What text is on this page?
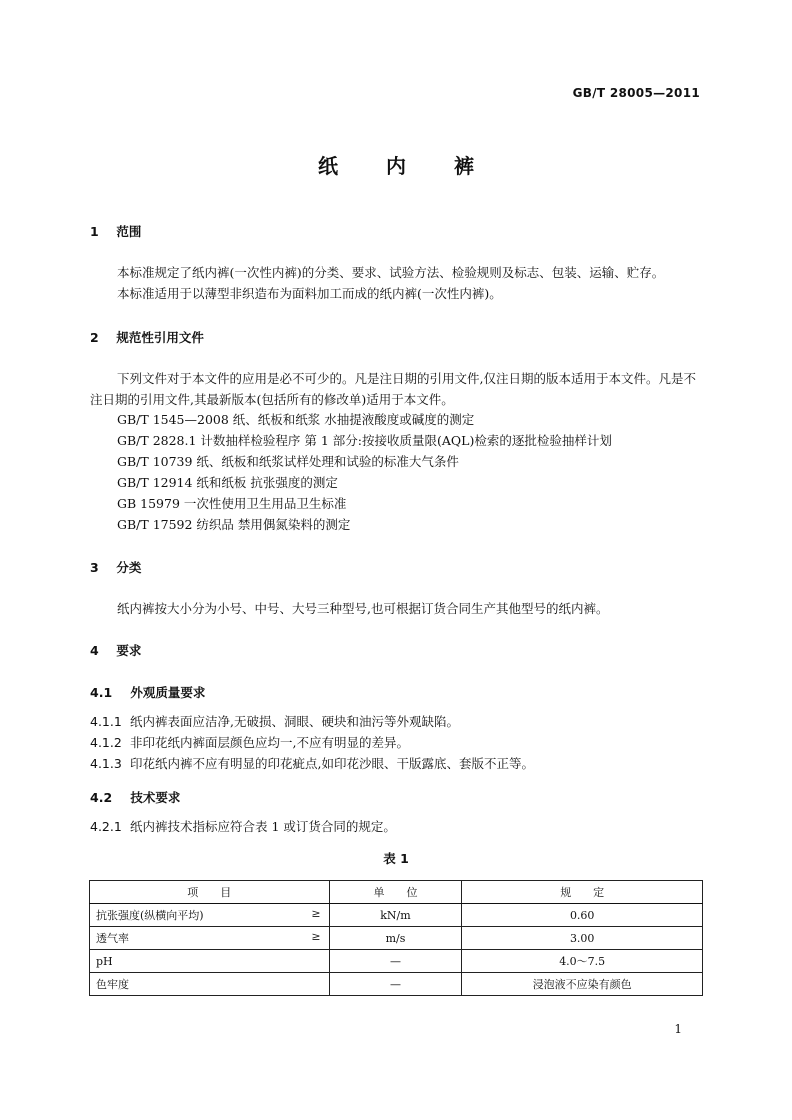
GB/T 28005—2011
纸 内 裤
1 范围
本标准规定了纸内裤(一次性内裤)的分类、要求、试验方法、检验规则及标志、包装、运输、贮存。
本标准适用于以薄型非织造布为面料加工而成的纸内裤(一次性内裤)。
2 规范性引用文件
下列文件对于本文件的应用是必不可少的。凡是注日期的引用文件,仅注日期的版本适用于本文件。凡是不注日期的引用文件,其最新版本(包括所有的修改单)适用于本文件。
GB/T 1545—2008 纸、纸板和纸浆 水抽提液酸度或碱度的测定
GB/T 2828.1 计数抽样检验程序 第 1 部分:按接收质量限(AQL)检索的逐批检验抽样计划
GB/T 10739 纸、纸板和纸浆试样处理和试验的标准大气条件
GB/T 12914 纸和纸板 抗张强度的测定
GB 15979 一次性使用卫生用品卫生标准
GB/T 17592 纺织品 禁用偶氮染料的测定
3 分类
纸内裤按大小分为小号、中号、大号三种型号,也可根据订货合同生产其他型号的纸内裤。
4 要求
4.1 外观质量要求
4.1.1 纸内裤表面应洁净,无破损、洞眼、硬块和油污等外观缺陷。
4.1.2 非印花纸内裤面层颜色应均一,不应有明显的差异。
4.1.3 印花纸内裤不应有明显的印花疵点,如印花沙眼、干版露底、套版不正等。
4.2 技术要求
4.2.1 纸内裤技术指标应符合表 1 或订货合同的规定。
表 1
项　　目	单　　位	规　　定
抗张强度(纵横向平均) ≥	kN/m	0.60
透气率 ≥	m/s	3.00
pH	—	4.0～7.5
色牢度	—	浸泡液不应染有颜色
1
